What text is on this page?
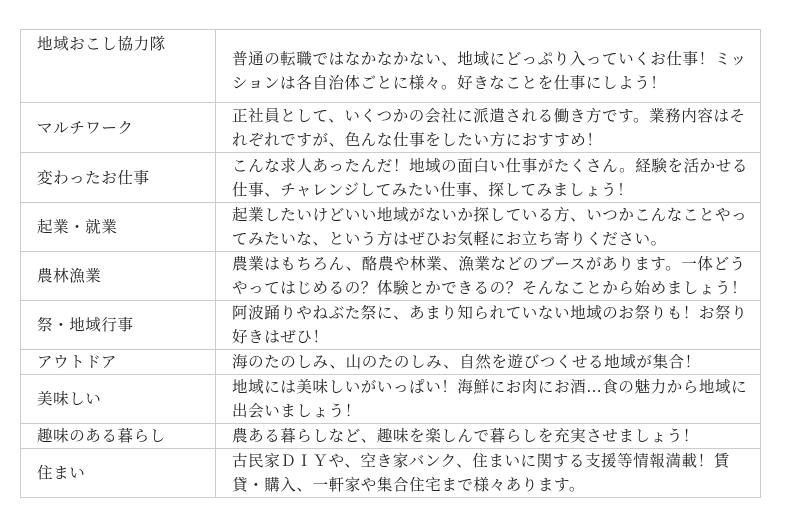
地域おこし協力隊	普通の転職ではなかなかない、地域にどっぷり入っていくお仕事！ミッションは各自治体ごとに様々。好きなことを仕事にしよう！
マルチワーク	正社員として、いくつかの会社に派遣される働き方です。業務内容はそれぞれですが、色んな仕事をしたい方におすすめ！
変わったお仕事	こんな求人あったんだ！地域の面白い仕事がたくさん。経験を活かせる仕事、チャレンジしてみたい仕事、探してみましょう！
起業・就業	起業したいけどいい地域がないか探している方、いつかこんなことやってみたいな、という方はぜひお気軽にお立ち寄りください。
農林漁業	農業はもちろん、酪農や林業、漁業などのブースがあります。一体どうやってはじめるの？体験とかできるの？そんなことから始めましょう！
祭・地域行事	阿波踊りやねぶた祭に、あまり知られていない地域のお祭りも！お祭り好きはぜひ！
アウトドア	海のたのしみ、山のたのしみ、自然を遊びつくせる地域が集合！
美味しい	地域には美味しいがいっぱい！海鮮にお肉にお酒…食の魅力から地域に出会いましょう！
趣味のある暮らし	農ある暮らしなど、趣味を楽しんで暮らしを充実させましょう！
住まい	古民家ＤＩＹや、空き家バンク、住まいに関する支援等情報満載！賃貸・購入、一軒家や集合住宅まで様々あります。
